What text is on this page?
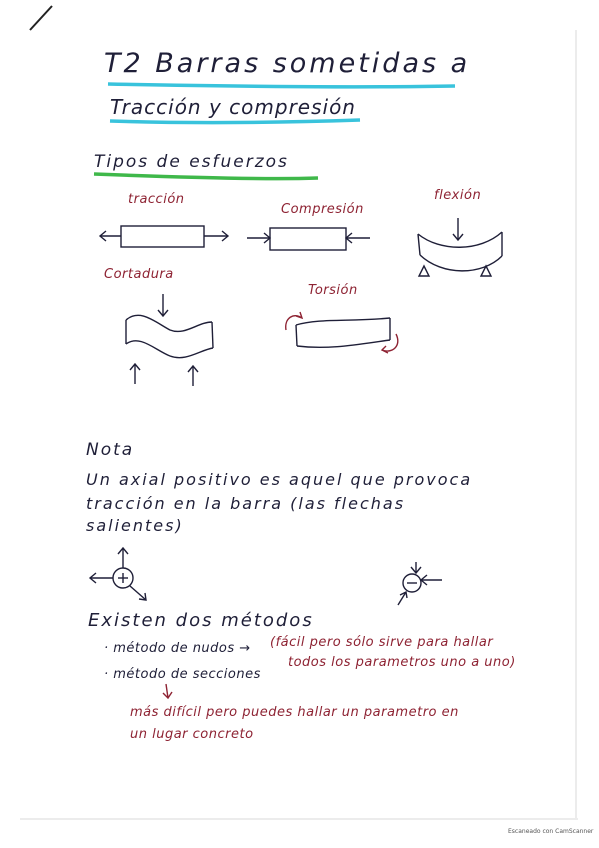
T2 Barras sometidas a
Tracción y compresión
Tipos de esfuerzos
tracción
Compresión
flexión
Cortadura
Torsión
Nota
Un axial positivo es aquel que provoca
tracción en la barra (las flechas
salientes)
Existen dos métodos
· método de nudos → (fácil pero sólo sirve para hallar
todos los parametros uno a uno)
· método de secciones
más difícil pero puedes hallar un parametro en
un lugar concreto
Escaneado con CamScanner
